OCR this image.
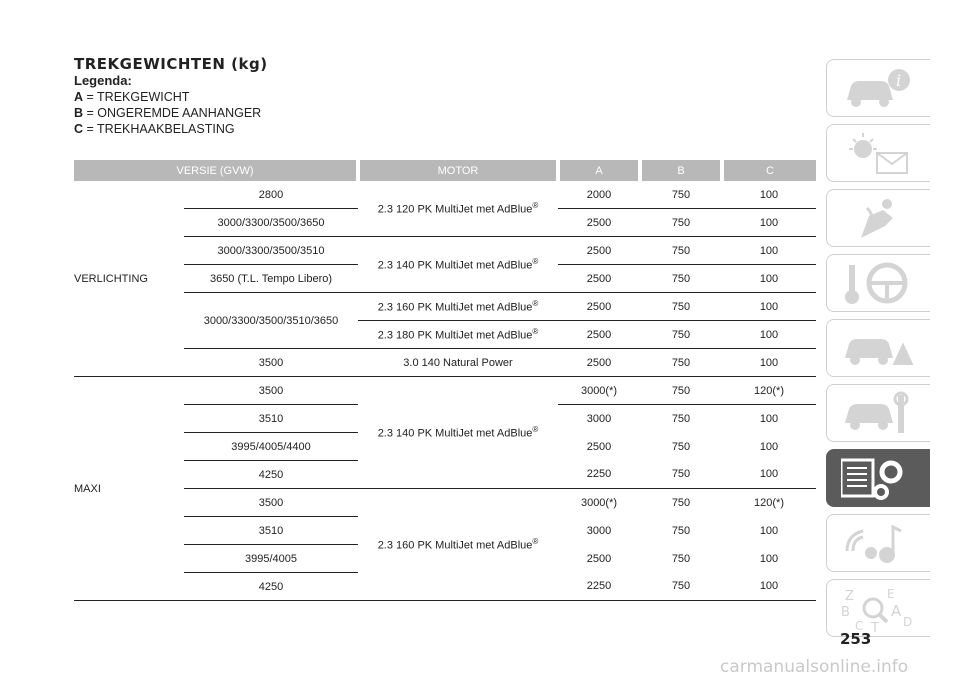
TREKGEWICHTEN (kg)
Legenda:
A = TREKGEWICHT
B = ONGEREMDE AANHANGER
C = TREKHAAKBELASTING
VERSIE (GVW)		MOTOR	A	B	C
VERLICHTING	2800	2.3 120 PK MultiJet met AdBlue®	2000	750	100
	3000/3300/3500/3650		2500	750	100
	3000/3300/3500/3510	2.3 140 PK MultiJet met AdBlue®	2500	750	100
	3650 (T.L. Tempo Libero)		2500	750	100
	3000/3300/3500/3510/3650	2.3 160 PK MultiJet met AdBlue®	2500	750	100
		2.3 180 PK MultiJet met AdBlue®	2500	750	100
	3500	3.0 140 Natural Power	2500	750	100
MAXI	3500	2.3 140 PK MultiJet met AdBlue®	3000(*)	750	120(*)
	3510		3000	750	100
	3995/4005/4400		2500	750	100
	4250		2250	750	100
	3500	2.3 160 PK MultiJet met AdBlue®	3000(*)	750	120(*)
	3510		3000	750	100
	3995/4005		2500	750	100
	4250		2250	750	100
i
Z	E
B	A
C T D
253
carmanualsonline.info
